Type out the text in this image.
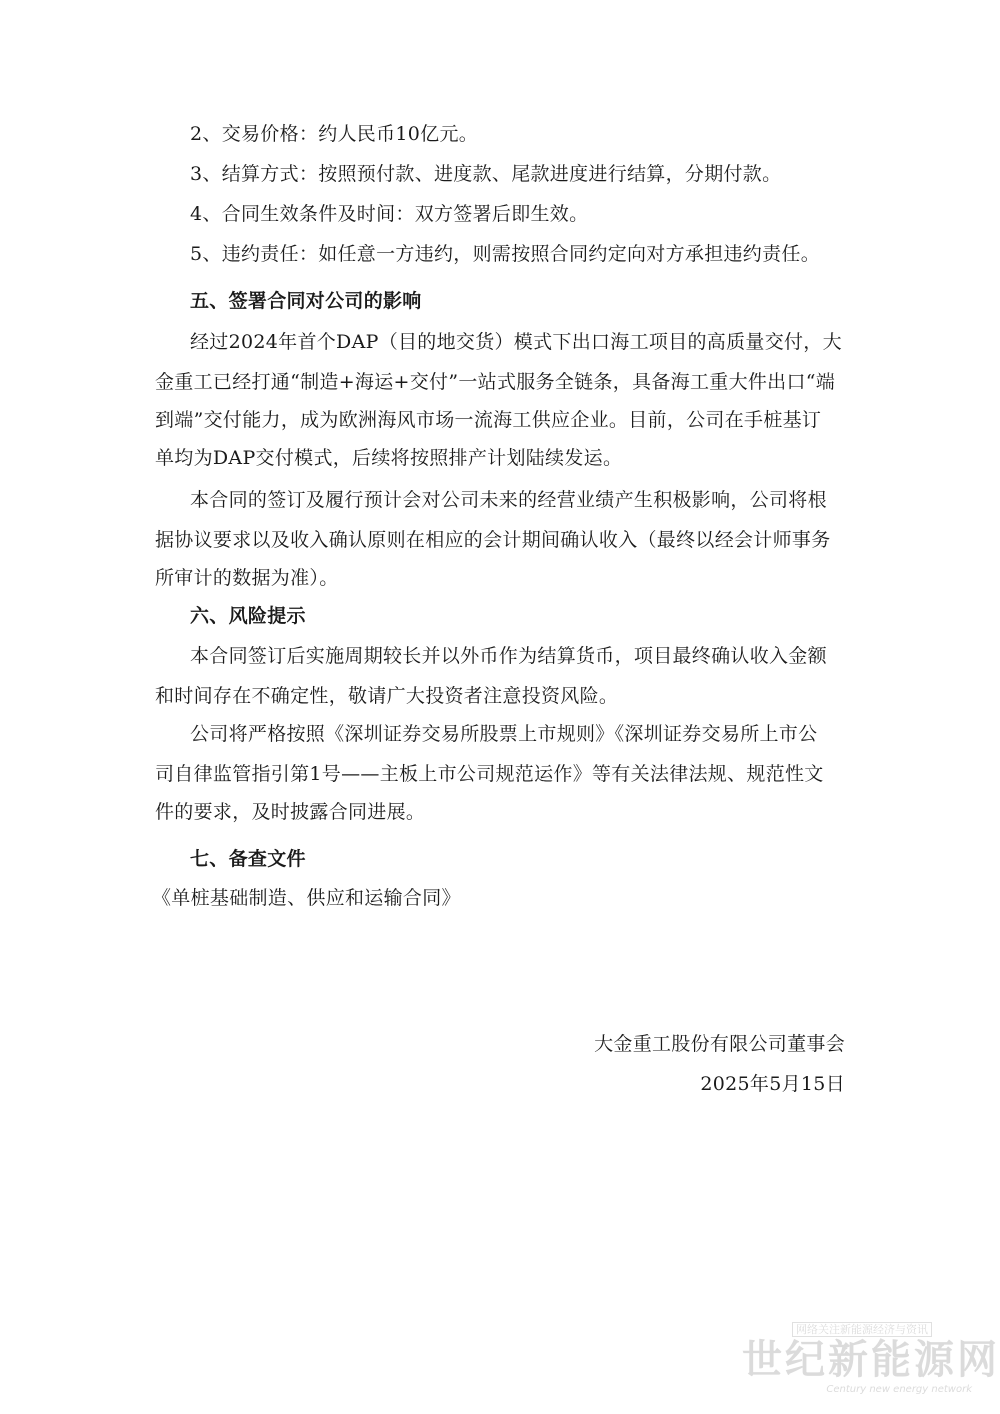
2、交易价格：约人民币10亿元。
3、结算方式：按照预付款、进度款、尾款进度进行结算，分期付款。
4、合同生效条件及时间：双方签署后即生效。
5、违约责任：如任意一方违约，则需按照合同约定向对方承担违约责任。
五、签署合同对公司的影响
经过2024年首个DAP（目的地交货）模式下出口海工项目的高质量交付，大
金重工已经打通“制造+海运+交付”一站式服务全链条，具备海工重大件出口“端
到端”交付能力，成为欧洲海风市场一流海工供应企业。目前，公司在手桩基订
单均为DAP交付模式，后续将按照排产计划陆续发运。
本合同的签订及履行预计会对公司未来的经营业绩产生积极影响，公司将根
据协议要求以及收入确认原则在相应的会计期间确认收入（最终以经会计师事务
所审计的数据为准）。
六、风险提示
本合同签订后实施周期较长并以外币作为结算货币，项目最终确认收入金额
和时间存在不确定性，敬请广大投资者注意投资风险。
公司将严格按照《深圳证券交易所股票上市规则》《深圳证券交易所上市公
司自律监管指引第1号——主板上市公司规范运作》等有关法律法规、规范性文
件的要求，及时披露合同进展。
七、备查文件
《单桩基础制造、供应和运输合同》
大金重工股份有限公司董事会
2025年5月15日
网络关注新能源经济与资讯
世纪新能源网
Century new energy network
